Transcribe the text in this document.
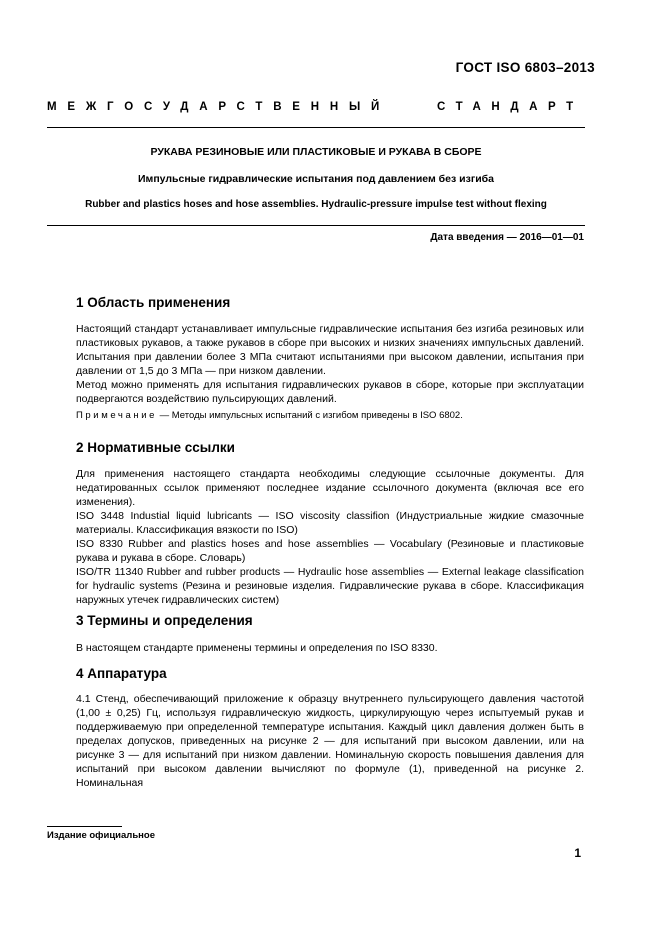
ГОСТ ISO 6803–2013
МЕЖГОСУДАРСТВЕННЫЙ	СТАНДАРТ
РУКАВА РЕЗИНОВЫЕ ИЛИ ПЛАСТИКОВЫЕ И РУКАВА В СБОРЕ
Импульсные гидравлические испытания под давлением без изгиба
Rubber and plastics hoses and hose assemblies. Hydraulic-pressure impulse test without flexing
Дата введения — 2016—01—01
1 Область применения

Настоящий стандарт устанавливает импульсные гидравлические испытания без изгиба резиновых или пластиковых рукавов, а также рукавов в сборе при высоких и низких значениях импульсных давлений. Испытания при давлении более 3 МПа считают испытаниями при высоком давлении, испытания при давлении от 1,5 до 3 МПа — при низком давлении.

Метод можно применять для испытания гидравлических рукавов в сборе, которые при эксплуатации подвергаются воздействию пульсирующих давлений.

Примечание — Методы импульсных испытаний с изгибом приведены в ISO 6802.
2 Нормативные ссылки

Для применения настоящего стандарта необходимы следующие ссылочные документы. Для недатированных ссылок применяют последнее издание ссылочного документа (включая все его изменения).

ISO 3448 Industial liquid lubricants — ISO viscosity classifion (Индустриальные жидкие смазочные материалы. Классификация вязкости по ISO)

ISO 8330 Rubber and plastics hoses and hose assemblies — Vocabulary (Резиновые и пластиковые рукава и рукава в сборе. Словарь)

ISO/TR 11340 Rubber and rubber products — Hydraulic hose assemblies — External leakage classification for hydraulic systems (Резина и резиновые изделия. Гидравлические рукава в сборе. Классификация наружных утечек гидравлических систем)

3 Термины и определения

В настоящем стандарте применены термины и определения по ISO 8330.

4 Аппаратура

4.1 Стенд, обеспечивающий приложение к образцу внутреннего пульсирующего давления частотой (1,00 ± 0,25) Гц, используя гидравлическую жидкость, циркулирующую через испытуемый рукав и поддерживаемую при определенной температуре испытания. Каждый цикл давления должен быть в пределах допусков, приведенных на рисунке 2 — для испытаний при высоком давлении, или на рисунке 3 — для испытаний при низком давлении. Номинальную скорость повышения давления для испытаний при высоком давлении вычисляют по формуле (1), приведенной на рисунке 2. Номинальная

Издание официальное
1
